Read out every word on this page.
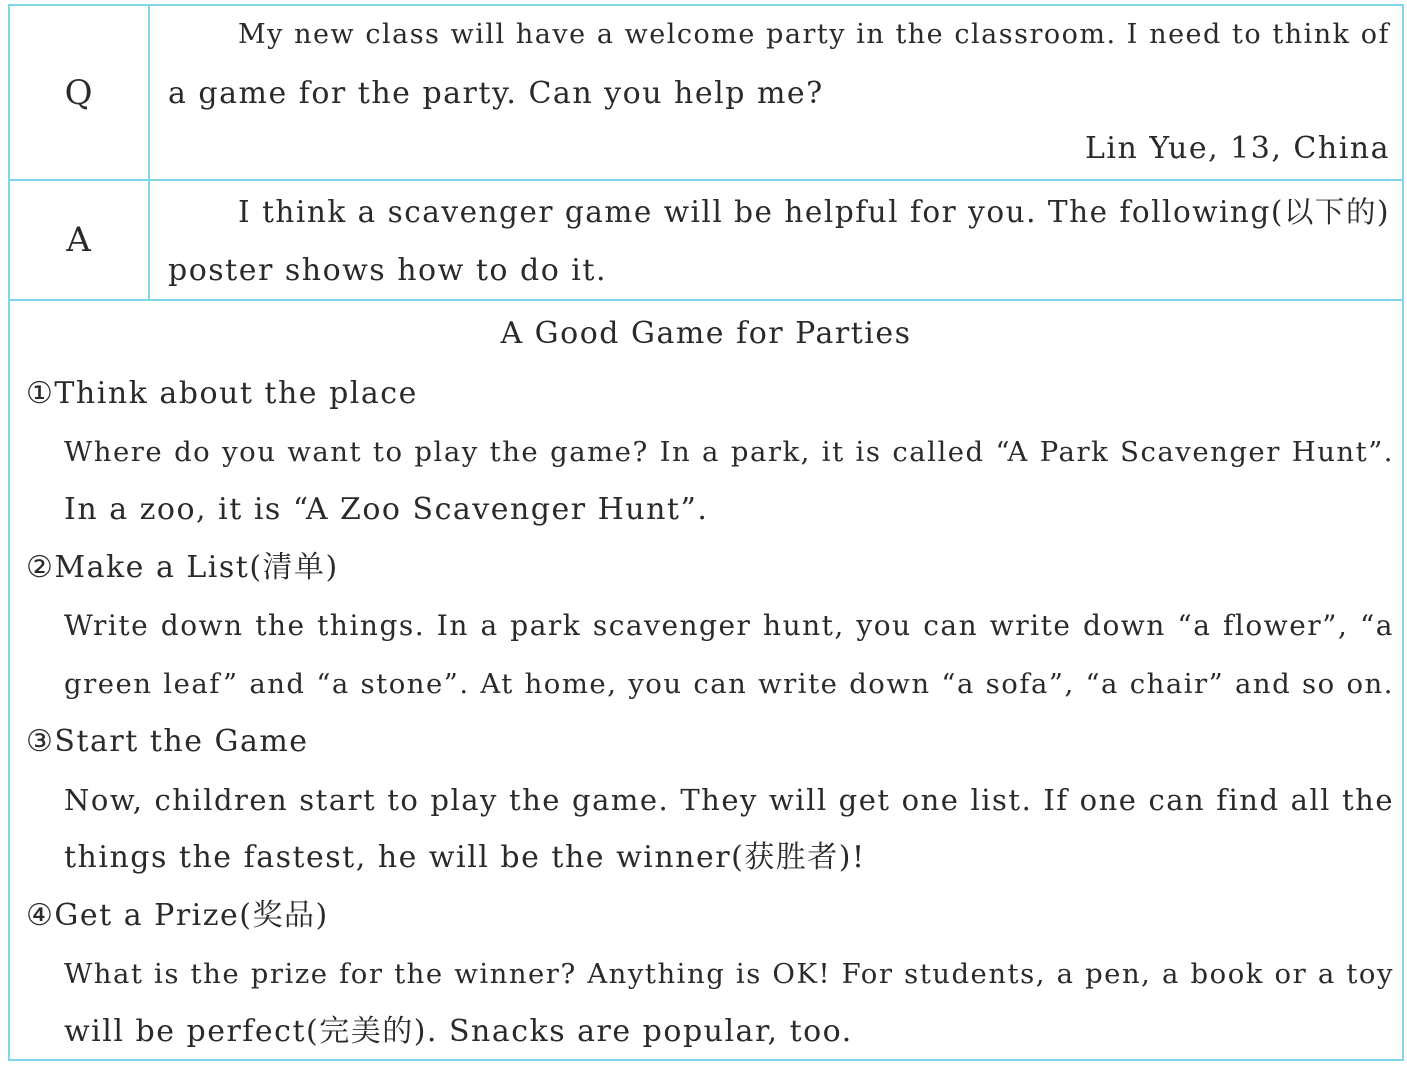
Q
My new class will have a welcome party in the classroom. I need to think of
a game for the party. Can you help me?
Lin Yue, 13, China
A
I think a scavenger game will be helpful for you. The following(以下的)
poster shows how to do it.
A Good Game for Parties
①Think about the place
Where do you want to play the game? In a park, it is called “A Park Scavenger Hunt”.
In a zoo, it is “A Zoo Scavenger Hunt”.
②Make a List(清单)
Write down the things. In a park scavenger hunt, you can write down “a flower”, “a
green leaf” and “a stone”. At home, you can write down “a sofa”, “a chair” and so on.
③Start the Game
Now, children start to play the game. They will get one list. If one can find all the
things the fastest, he will be the winner(获胜者)!
④Get a Prize(奖品)
What is the prize for the winner? Anything is OK! For students, a pen, a book or a toy
will be perfect(完美的). Snacks are popular, too.
